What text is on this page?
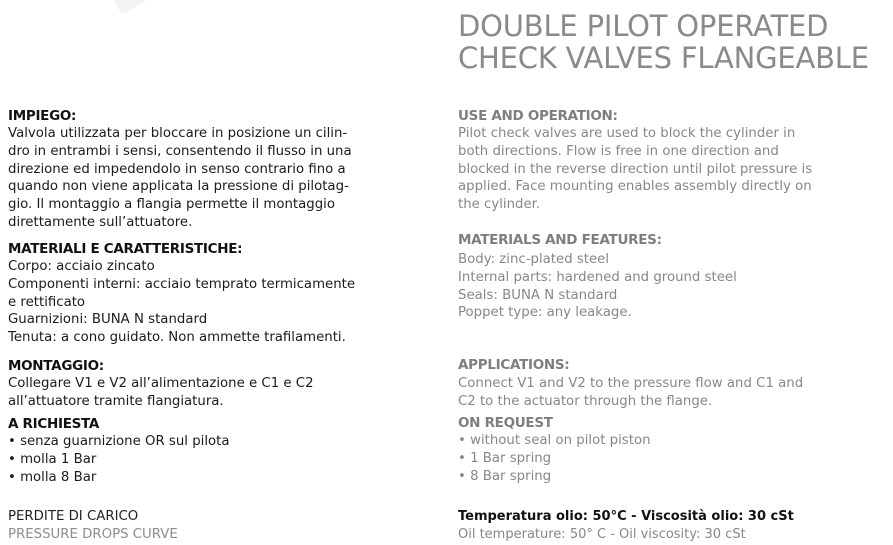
DOUBLE PILOT OPERATED
CHECK VALVES FLANGEABLE
IMPIEGO:
Valvola utilizzata per bloccare in posizione un cilin-
dro in entrambi i sensi, consentendo il flusso in una
direzione ed impedendolo in senso contrario fino a
quando non viene applicata la pressione di pilotag-
gio. Il montaggio a flangia permette il montaggio
direttamente sull’attuatore.
MATERIALI E CARATTERISTICHE:
Corpo: acciaio zincato
Componenti interni: acciaio temprato termicamente
e rettificato
Guarnizioni: BUNA N standard
Tenuta: a cono guidato. Non ammette trafilamenti.
MONTAGGIO:
Collegare V1 e V2 all’alimentazione e C1 e C2
all’attuatore tramite flangiatura.
A RICHIESTA
• senza guarnizione OR sul pilota
• molla 1 Bar
• molla 8 Bar
PERDITE DI CARICO
PRESSURE DROPS CURVE
USE AND OPERATION:
Pilot check valves are used to block the cylinder in
both directions. Flow is free in one direction and
blocked in the reverse direction until pilot pressure is
applied. Face mounting enables assembly directly on
the cylinder.
MATERIALS AND FEATURES:
Body: zinc-plated steel
Internal parts: hardened and ground steel
Seals: BUNA N standard
Poppet type: any leakage.
APPLICATIONS:
Connect V1 and V2 to the pressure flow and C1 and
C2 to the actuator through the flange.
ON REQUEST
• without seal on pilot piston
• 1 Bar spring
• 8 Bar spring
Temperatura olio: 50°C - Viscosità olio: 30 cSt
Oil temperature: 50° C - Oil viscosity: 30 cSt
